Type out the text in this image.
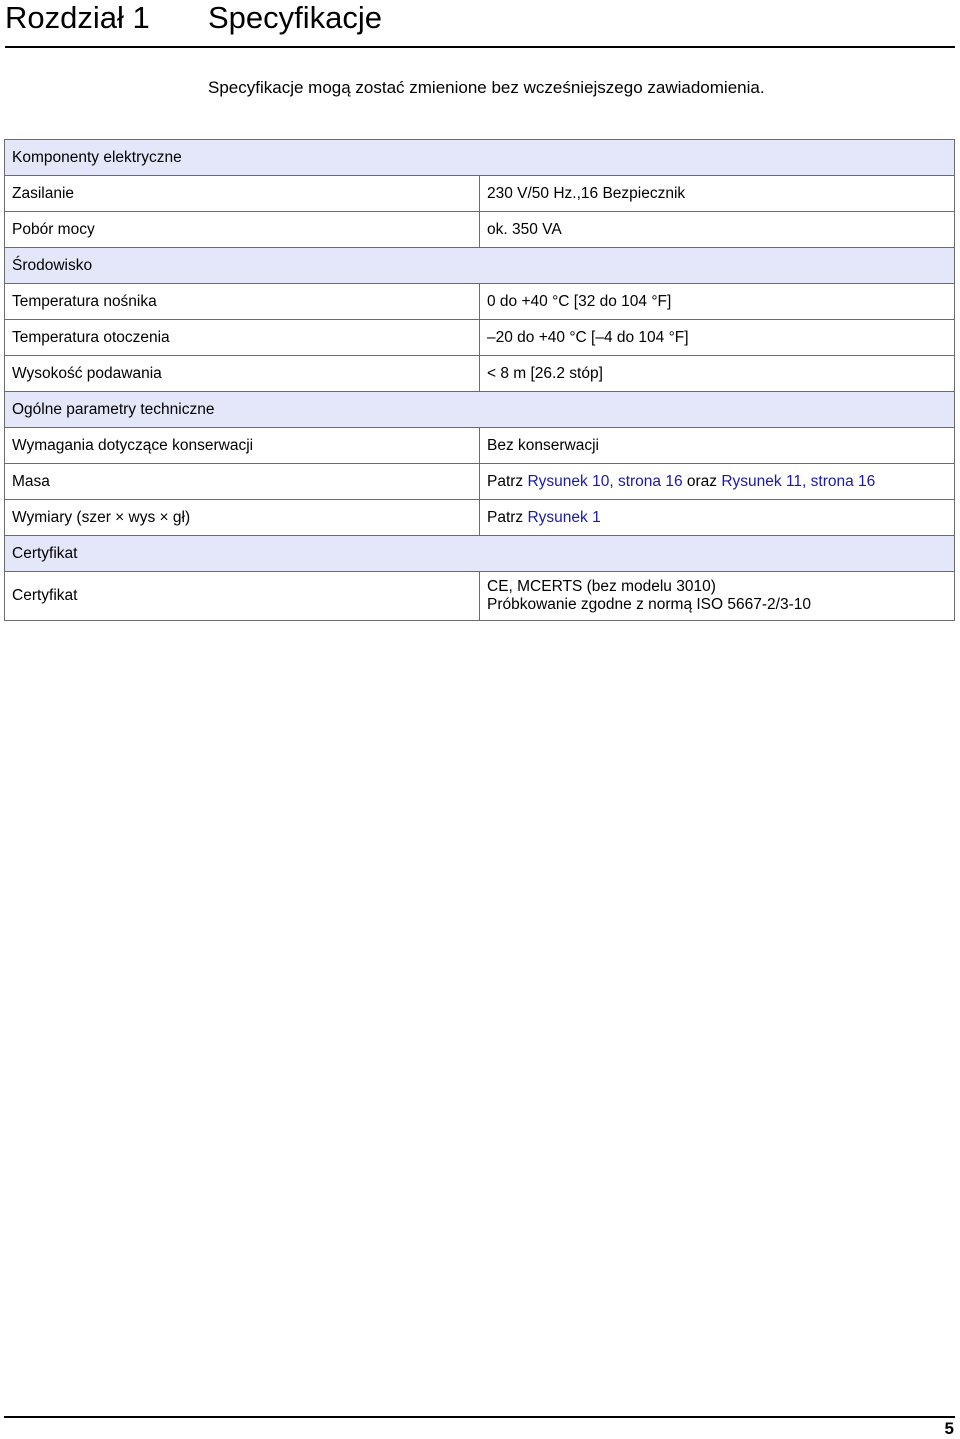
Rozdział 1 Specyfikacje
Specyfikacje mogą zostać zmienione bez wcześniejszego zawiadomienia.
Komponenty elektryczne	
Zasilanie	230 V/50 Hz.,16 Bezpiecznik
Pobór mocy	ok. 350 VA
Środowisko	
Temperatura nośnika	0 do +40 °C [32 do 104 °F]
Temperatura otoczenia	–20 do +40 °C [–4 do 104 °F]
Wysokość podawania	< 8 m [26.2 stóp]
Ogólne parametry techniczne	
Wymagania dotyczące konserwacji	Bez konserwacji
Masa	Patrz Rysunek 10, strona 16 oraz Rysunek 11, strona 16
Wymiary (szer × wys × gł)	Patrz Rysunek 1
Certyfikat	
Certyfikat	CE, MCERTS (bez modelu 3010)
Próbkowanie zgodne z normą ISO 5667-2/3-10
5
